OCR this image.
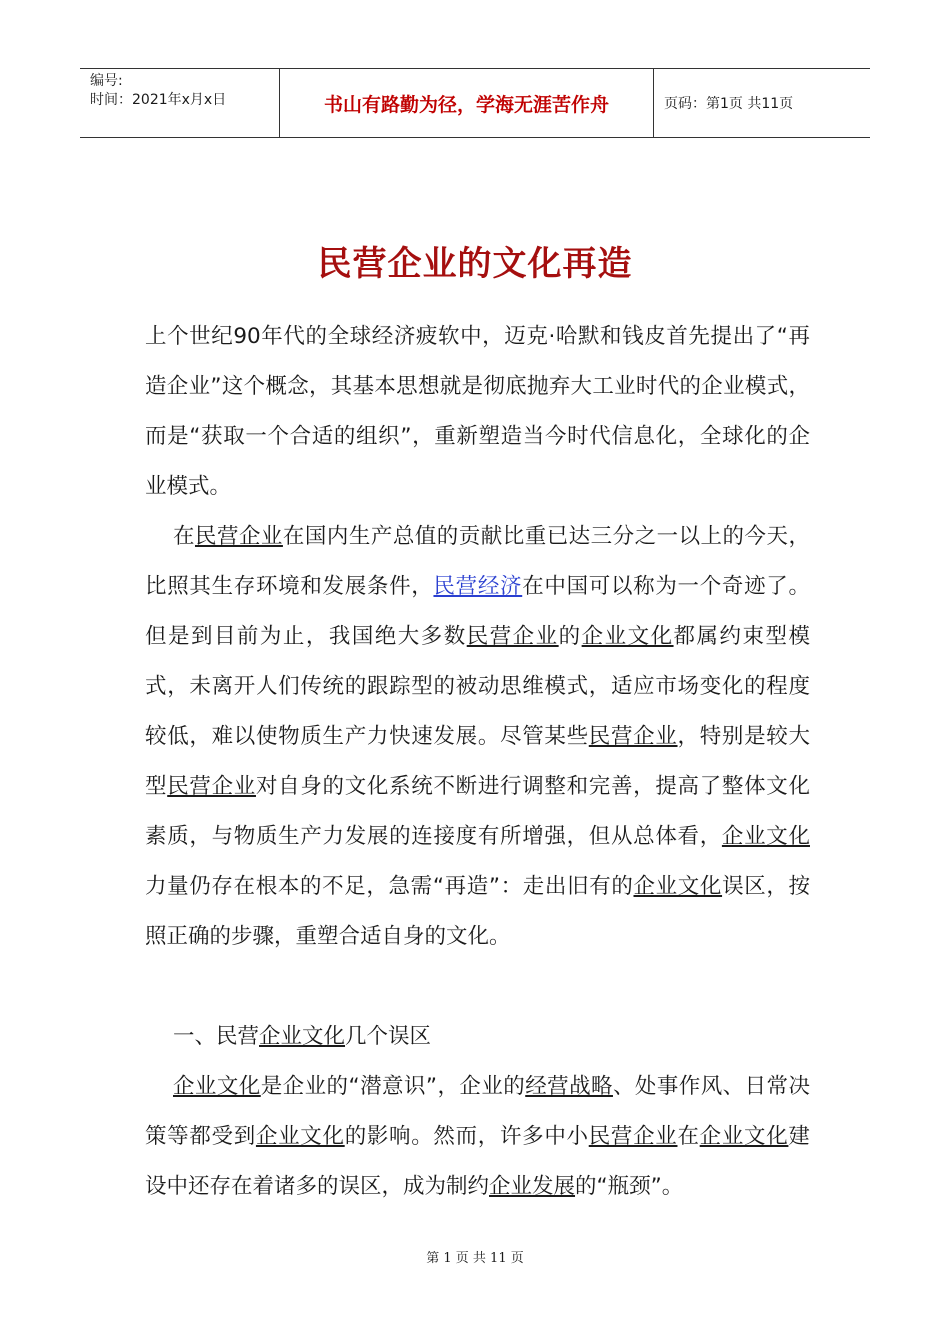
编号:
时间：2021年x月x日	书山有路勤为径，学海无涯苦作舟	页码：第1页 共11页
民营企业的文化再造

上个世纪90年代的全球经济疲软中，迈克·哈默和钱皮首先提出了“再造企业”这个概念，其基本思想就是彻底抛弃大工业时代的企业模式，而是“获取一个合适的组织”，重新塑造当今时代信息化，全球化的企业模式。

在民营企业在国内生产总值的贡献比重已达三分之一以上的今天，比照其生存环境和发展条件，民营经济在中国可以称为一个奇迹了。但是到目前为止，我国绝大多数民营企业的企业文化都属约束型模式，未离开人们传统的跟踪型的被动思维模式，适应市场变化的程度较低，难以使物质生产力快速发展。尽管某些民营企业，特别是较大型民营企业对自身的文化系统不断进行调整和完善，提高了整体文化素质，与物质生产力发展的连接度有所增强，但从总体看，企业文化力量仍存在根本的不足，急需“再造”：走出旧有的企业文化误区，按照正确的步骤，重塑合适自身的文化。

一、民营企业文化几个误区

企业文化是企业的“潜意识”，企业的经营战略、处事作风、日常决策等都受到企业文化的影响。然而，许多中小民营企业在企业文化建设中还存在着诸多的误区，成为制约企业发展的“瓶颈”。

第 1 页 共 11 页
